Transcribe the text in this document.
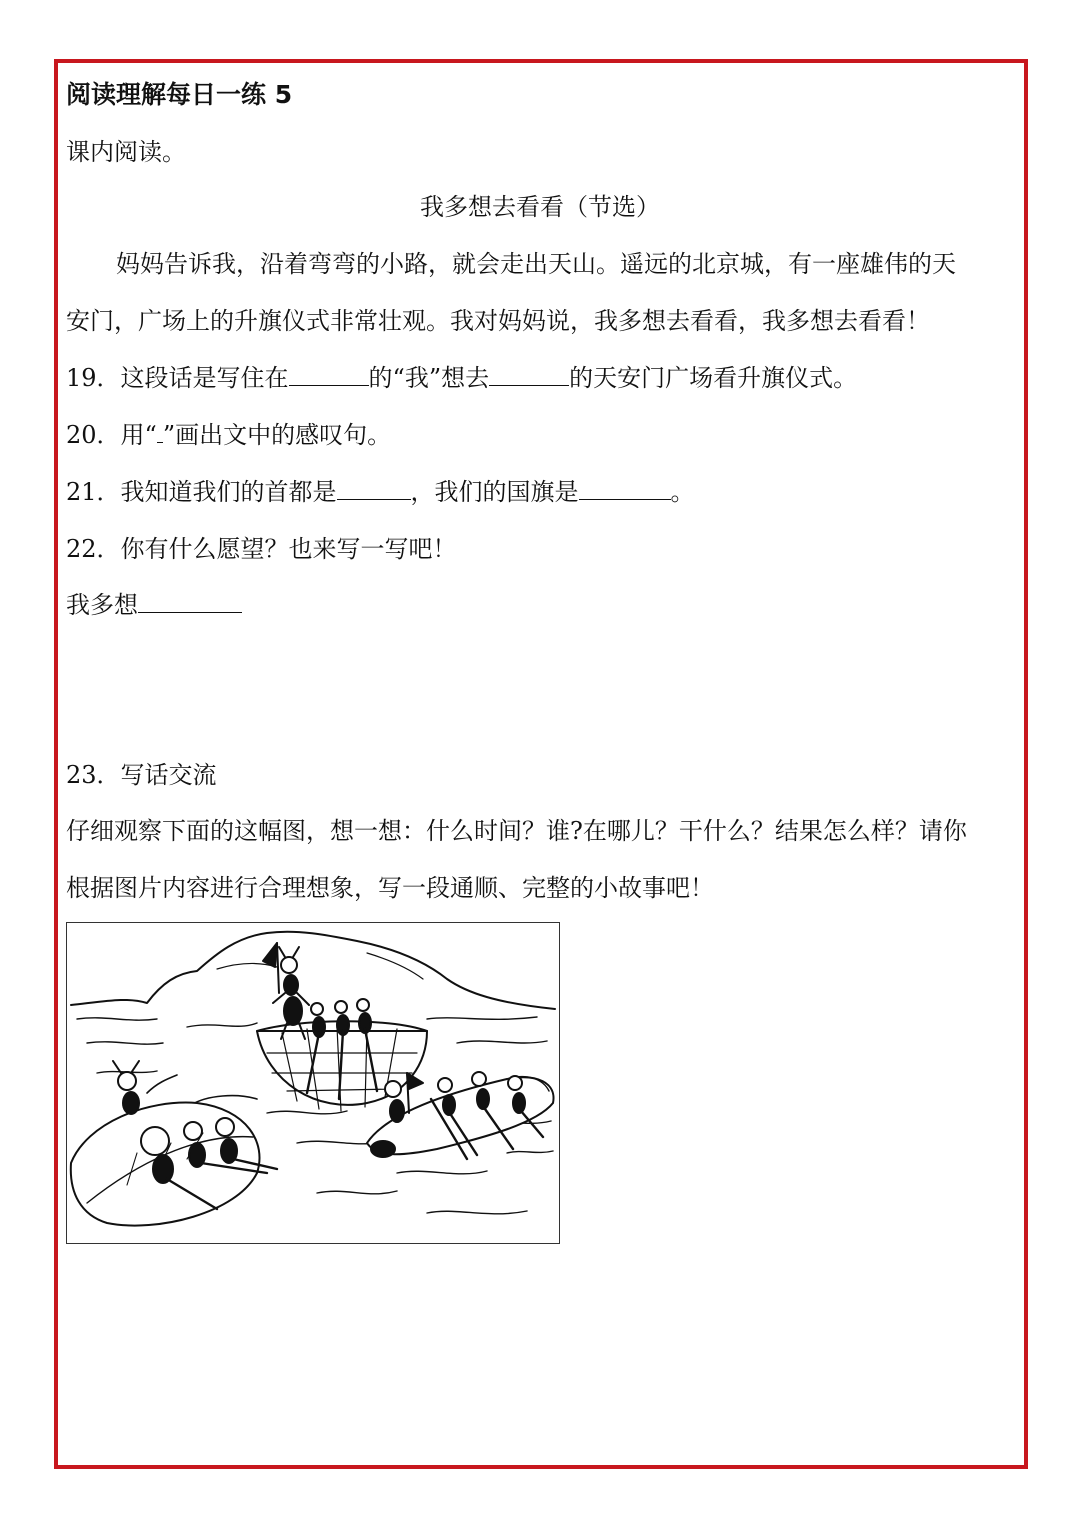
阅读理解每日一练 5
课内阅读。
我多想去看看（节选）
妈妈告诉我，沿着弯弯的小路，就会走出天山。遥远的北京城，有一座雄伟的天
安门，广场上的升旗仪式非常壮观。我对妈妈说，我多想去看看，我多想去看看！
19．这段话是写住在	的“我”想去	的天安门广场看升旗仪式。
20．用“ ”画出文中的感叹句。
21．我知道我们的首都是	，我们的国旗是	。
22．你有什么愿望？也来写一写吧！
我多想
23．写话交流
仔细观察下面的这幅图，想一想：什么时间？谁?在哪儿？干什么？结果怎么样？请你
根据图片内容进行合理想象，写一段通顺、完整的小故事吧！
